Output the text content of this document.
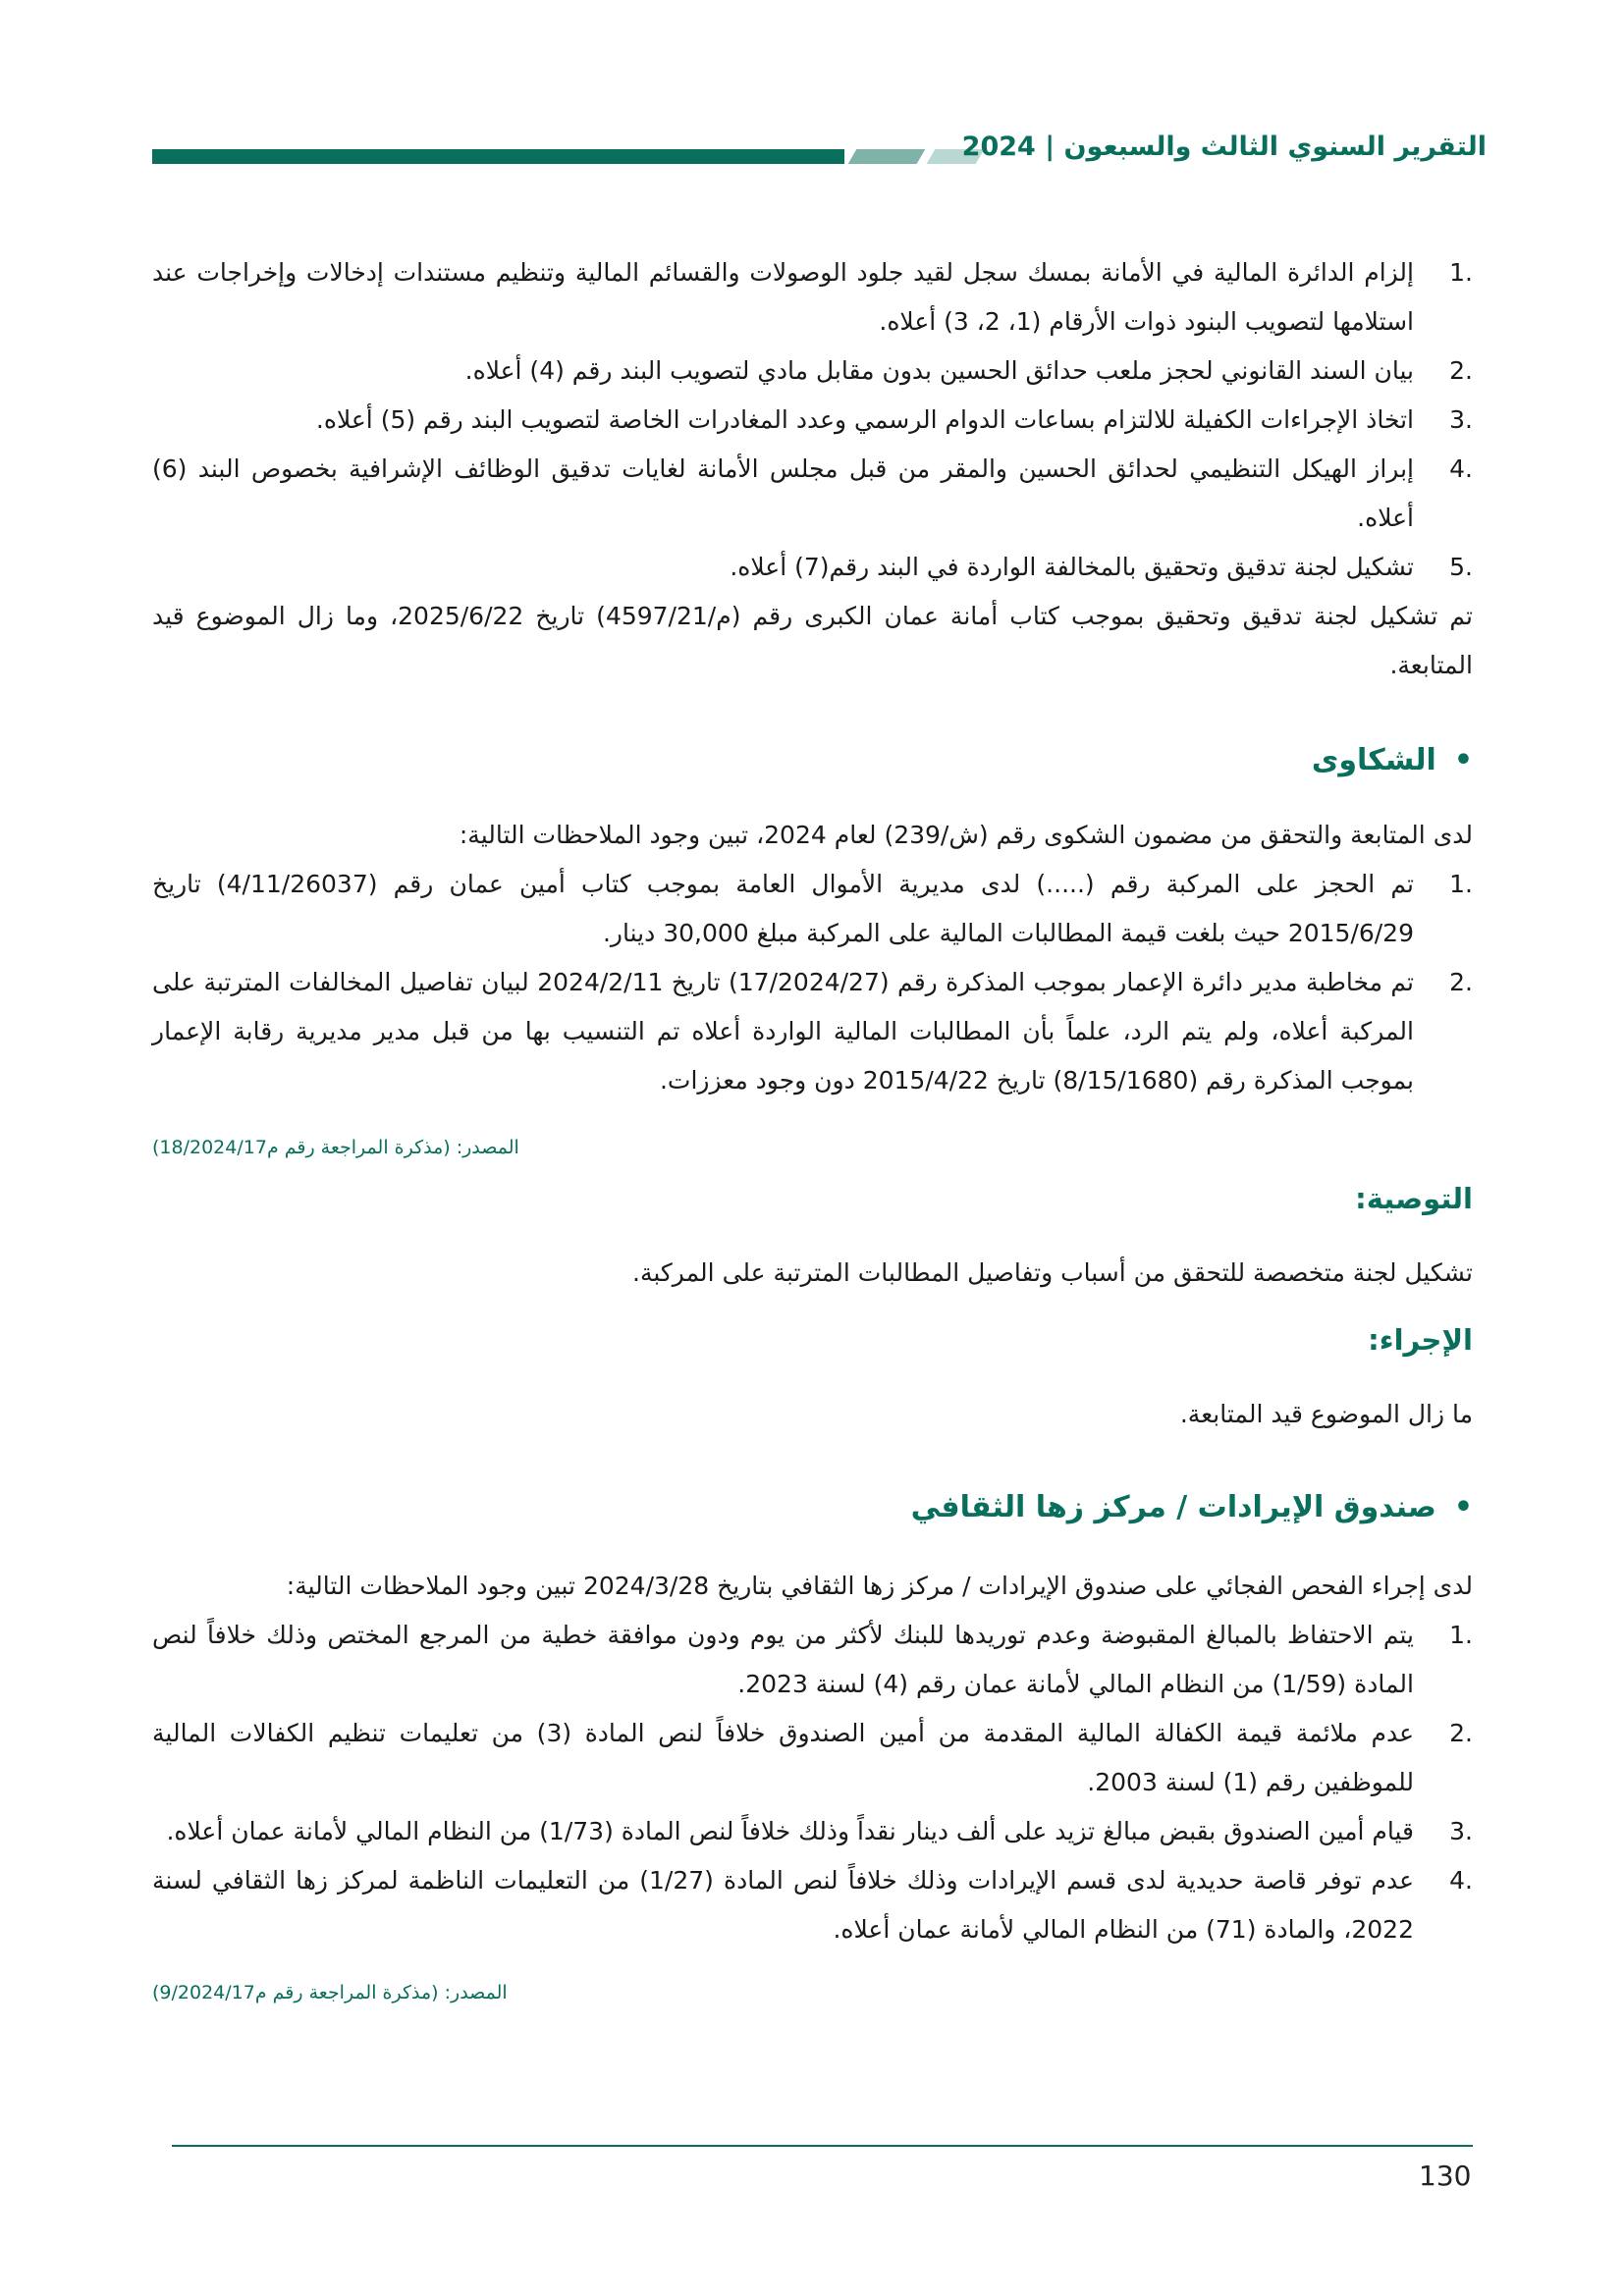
التقرير السنوي الثالث والسبعون | 2024
.1
إلزام الدائرة المالية في الأمانة بمسك سجل لقيد جلود الوصولات والقسائم المالية وتنظيم مستندات إدخالات وإخراجات عند استلامها لتصويب البنود ذوات الأرقام (1، 2، 3) أعلاه.
.2
بيان السند القانوني لحجز ملعب حدائق الحسين بدون مقابل مادي لتصويب البند رقم (4) أعلاه.
.3
اتخاذ الإجراءات الكفيلة للالتزام بساعات الدوام الرسمي وعدد المغادرات الخاصة لتصويب البند رقم (5) أعلاه.
.4
إبراز الهيكل التنظيمي لحدائق الحسين والمقر من قبل مجلس الأمانة لغايات تدقيق الوظائف الإشرافية بخصوص البند (6) أعلاه.
.5
تشكيل لجنة تدقيق وتحقيق بالمخالفة الواردة في البند رقم(7) أعلاه.

تم تشكيل لجنة تدقيق وتحقيق بموجب كتاب أمانة عمان الكبرى رقم (م/4597/21) تاريخ 2025/6/22، وما زال الموضوع قيد المتابعة.

• الشكاوى

لدى المتابعة والتحقق من مضمون الشكوى رقم (ش/239) لعام 2024، تبين وجود الملاحظات التالية:

.1
تم الحجز على المركبة رقم (.....) لدى مديرية الأموال العامة بموجب كتاب أمين عمان رقم (4/11/26037) تاريخ 2015/6/29 حيث بلغت قيمة المطالبات المالية على المركبة مبلغ 30,000 دينار.
.2
تم مخاطبة مدير دائرة الإعمار بموجب المذكرة رقم (17/2024/27) تاريخ 2024/2/11 لبيان تفاصيل المخالفات المترتبة على المركبة أعلاه، ولم يتم الرد، علماً بأن المطالبات المالية الواردة أعلاه تم التنسيب بها من قبل مدير مديرية رقابة الإعمار بموجب المذكرة رقم (8/15/1680) تاريخ 2015/4/22 دون وجود معززات.

المصدر: (مذكرة المراجعة رقم م18/2024/17)

التوصية:

تشكيل لجنة متخصصة للتحقق من أسباب وتفاصيل المطالبات المترتبة على المركبة.

الإجراء:

ما زال الموضوع قيد المتابعة.

• صندوق الإيرادات / مركز زها الثقافي

لدى إجراء الفحص الفجائي على صندوق الإيرادات / مركز زها الثقافي بتاريخ 2024/3/28 تبين وجود الملاحظات التالية:

.1
يتم الاحتفاظ بالمبالغ المقبوضة وعدم توريدها للبنك لأكثر من يوم ودون موافقة خطية من المرجع المختص وذلك خلافاً لنص المادة (1/59) من النظام المالي لأمانة عمان رقم (4) لسنة 2023.
.2
عدم ملائمة قيمة الكفالة المالية المقدمة من أمين الصندوق خلافاً لنص المادة (3) من تعليمات تنظيم الكفالات المالية للموظفين رقم (1) لسنة 2003.
.3
قيام أمين الصندوق بقبض مبالغ تزيد على ألف دينار نقداً وذلك خلافاً لنص المادة (1/73) من النظام المالي لأمانة عمان أعلاه.
.4
عدم توفر قاصة حديدية لدى قسم الإيرادات وذلك خلافاً لنص المادة (1/27) من التعليمات الناظمة لمركز زها الثقافي لسنة 2022، والمادة (71) من النظام المالي لأمانة عمان أعلاه.

المصدر: (مذكرة المراجعة رقم م9/2024/17)

130
